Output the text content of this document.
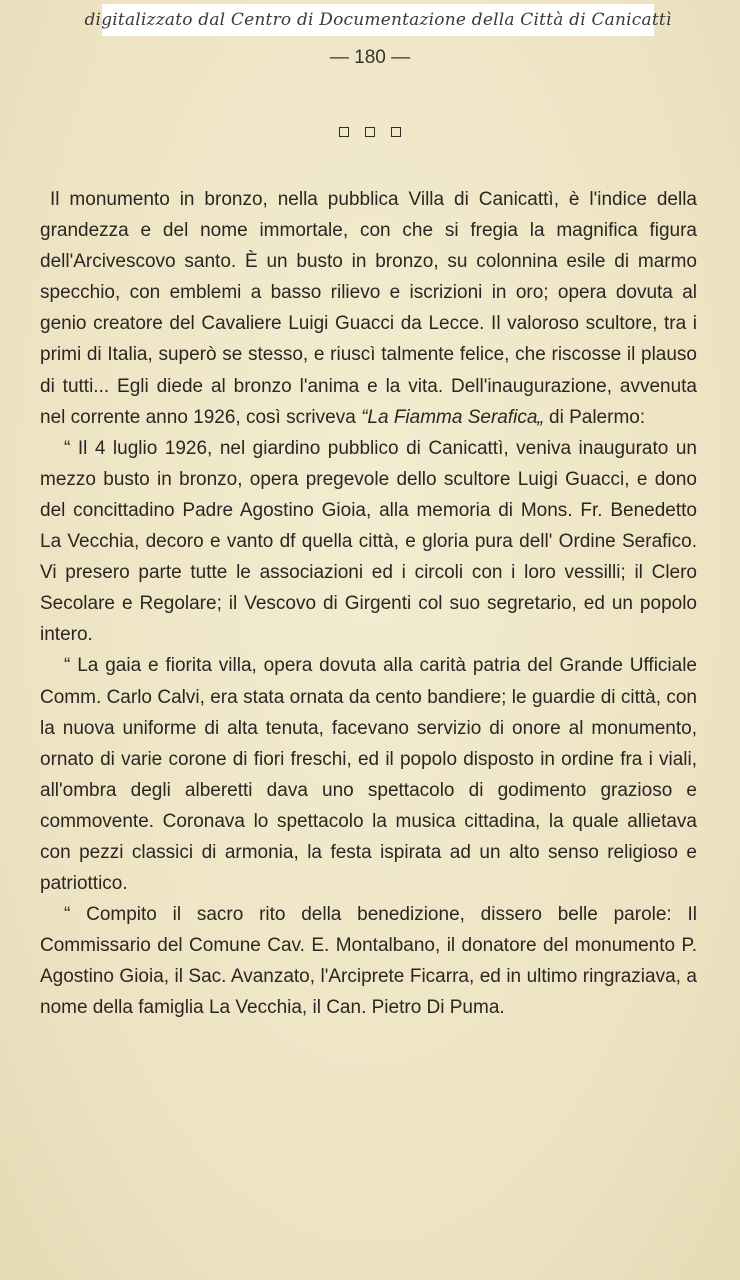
digitalizzato dal Centro di Documentazione della Città di Canicattì
— 180 —

Il monumento in bronzo, nella pubblica Villa di Canicattì, è l'indice della grandezza e del nome immortale, con che si fregia la magnifica figura dell'Arcivescovo santo. È un busto in bronzo, su colonnina esile di marmo specchio, con emblemi a basso rilievo e iscrizioni in oro; opera dovuta al genio creatore del Cavaliere Luigi Guacci da Lecce. Il valoroso scultore, tra i primi di Italia, superò se stesso, e riuscì talmente felice, che riscosse il plauso di tutti... Egli diede al bronzo l'anima e la vita. Dell'inaugurazione, avvenuta nel corrente anno 1926, così scriveva “La Fiamma Serafica„ di Palermo:

“ Il 4 luglio 1926, nel giardino pubblico di Canicattì, veniva inaugurato un mezzo busto in bronzo, opera pregevole dello scultore Luigi Guacci, e dono del concittadino Padre Agostino Gioia, alla memoria di Mons. Fr. Benedetto La Vecchia, decoro e vanto df quella città, e gloria pura dell' Ordine Serafico. Vi presero parte tutte le associazioni ed i circoli con i loro vessilli; il Clero Secolare e Regolare; il Vescovo di Girgenti col suo segretario, ed un popolo intero.

“ La gaia e fiorita villa, opera dovuta alla carità patria del Grande Ufficiale Comm. Carlo Calvi, era stata ornata da cento bandiere; le guardie di città, con la nuova uniforme di alta tenuta, facevano servizio di onore al monumento, ornato di varie corone di fiori freschi, ed il popolo disposto in ordine fra i viali, all'ombra degli alberetti dava uno spettacolo di godimento grazioso e commovente. Coronava lo spettacolo la musica cittadina, la quale allietava con pezzi classici di armonia, la festa ispirata ad un alto senso religioso e patriottico.

“ Compito il sacro rito della benedizione, dissero belle parole: Il Commissario del Comune Cav. E. Montalbano, il donatore del monumento P. Agostino Gioia, il Sac. Avanzato, l'Arciprete Ficarra, ed in ultimo ringraziava, a nome della famiglia La Vecchia, il Can. Pietro Di Puma.
